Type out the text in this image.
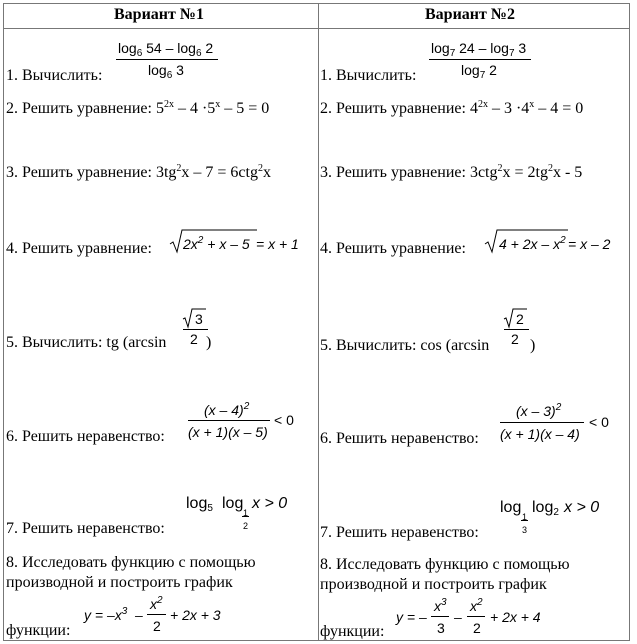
Вариант №1
$\log_6 54 - \log_6 2$
$\log_6 3$
1. Вычислить:
2. Решить уравнение: $5^{2x} - 4 \cdot 5^x - 5 = 0$
3. Решить уравнение: $3tg^2x - 7 = 6ctg^2x$
4. Решить уравнение: $2x^2 + x - 5 = x + 1$
3
2
5. Вычислить: tg (arcsin )
(x – 4)$^2$
(x + 1)(x – 5)
< 0
6. Решить неравенство:
$\log_5 \log$
1
2
x > 0
7. Решить неравенство:
8. Исследовать функцию с помощью
производной и построить график
функции:
$y = -x^3$ –
$x^2$
2
+ 2x + 3
Вариант №2
$\log_7 24 - \log_7 3$
$\log_7 2$
1. Вычислить:
2. Решить уравнение: $4^{2x} - 3 \cdot 4^x - 4 = 0$
3. Решить уравнение: $3ctg^2x = 2tg^2x - 5$
4. Решить уравнение: $4 + 2x - x^2 = x - 2$
2
2
5. Вычислить: cos (arcsin	)
(x – 3)$^2$
(x + 1)(x – 4)
< 0
6. Решить неравенство:
log
1
3
$\log_2 x > 0$
7. Решить неравенство:
8. Исследовать функцию с помощью
производной и построить график
функции:
y = –
$x^3$
3
–
$x^2$
2
+ 2x + 4
